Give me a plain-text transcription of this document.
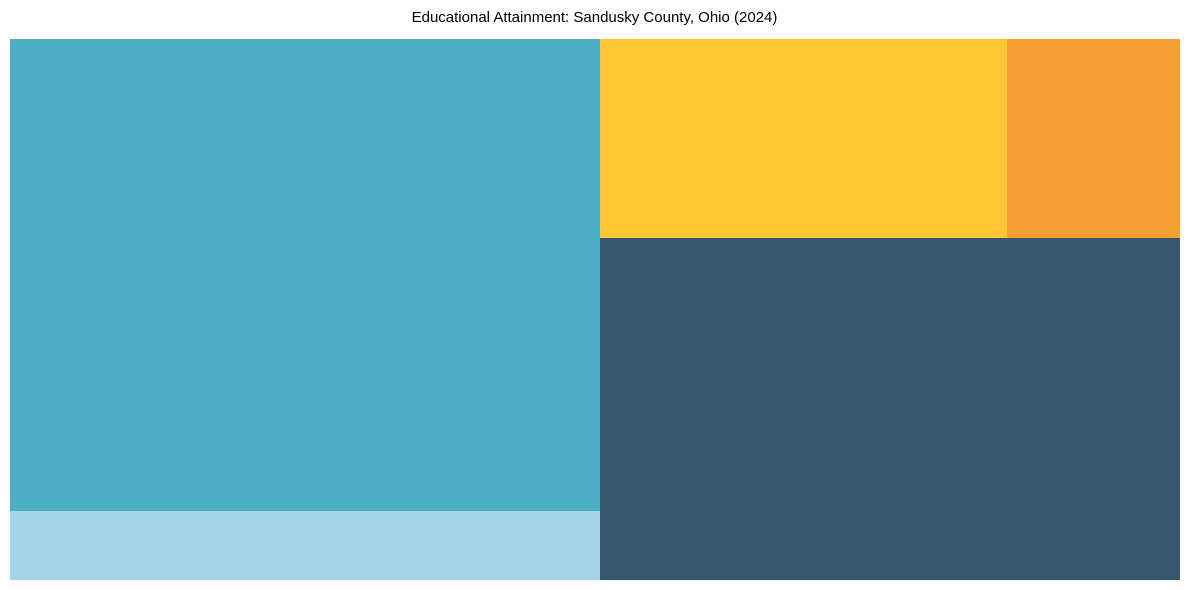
Educational Attainment: Sandusky County, Ohio (2024)
